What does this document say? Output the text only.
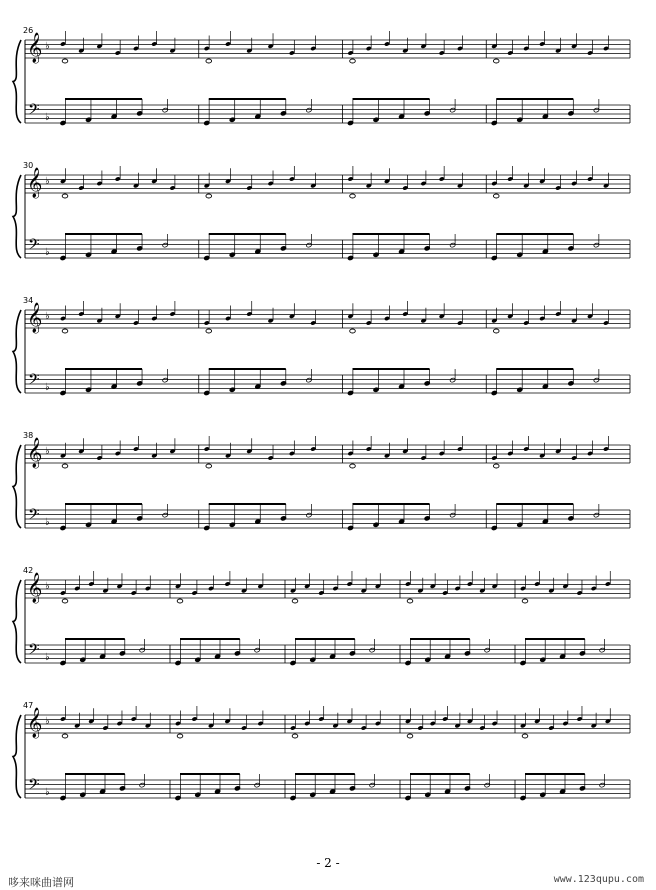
𝄞
𝄢
♭
♭
26
𝄞
𝄢
♭
♭
30
𝄞
𝄢
♭
♭
34
𝄞
𝄢
♭
♭
38
𝄞
𝄢
♭
♭
42
𝄞
𝄢
♭
♭
47
- 2 -
哆来咪曲谱网	www.123qupu.com
